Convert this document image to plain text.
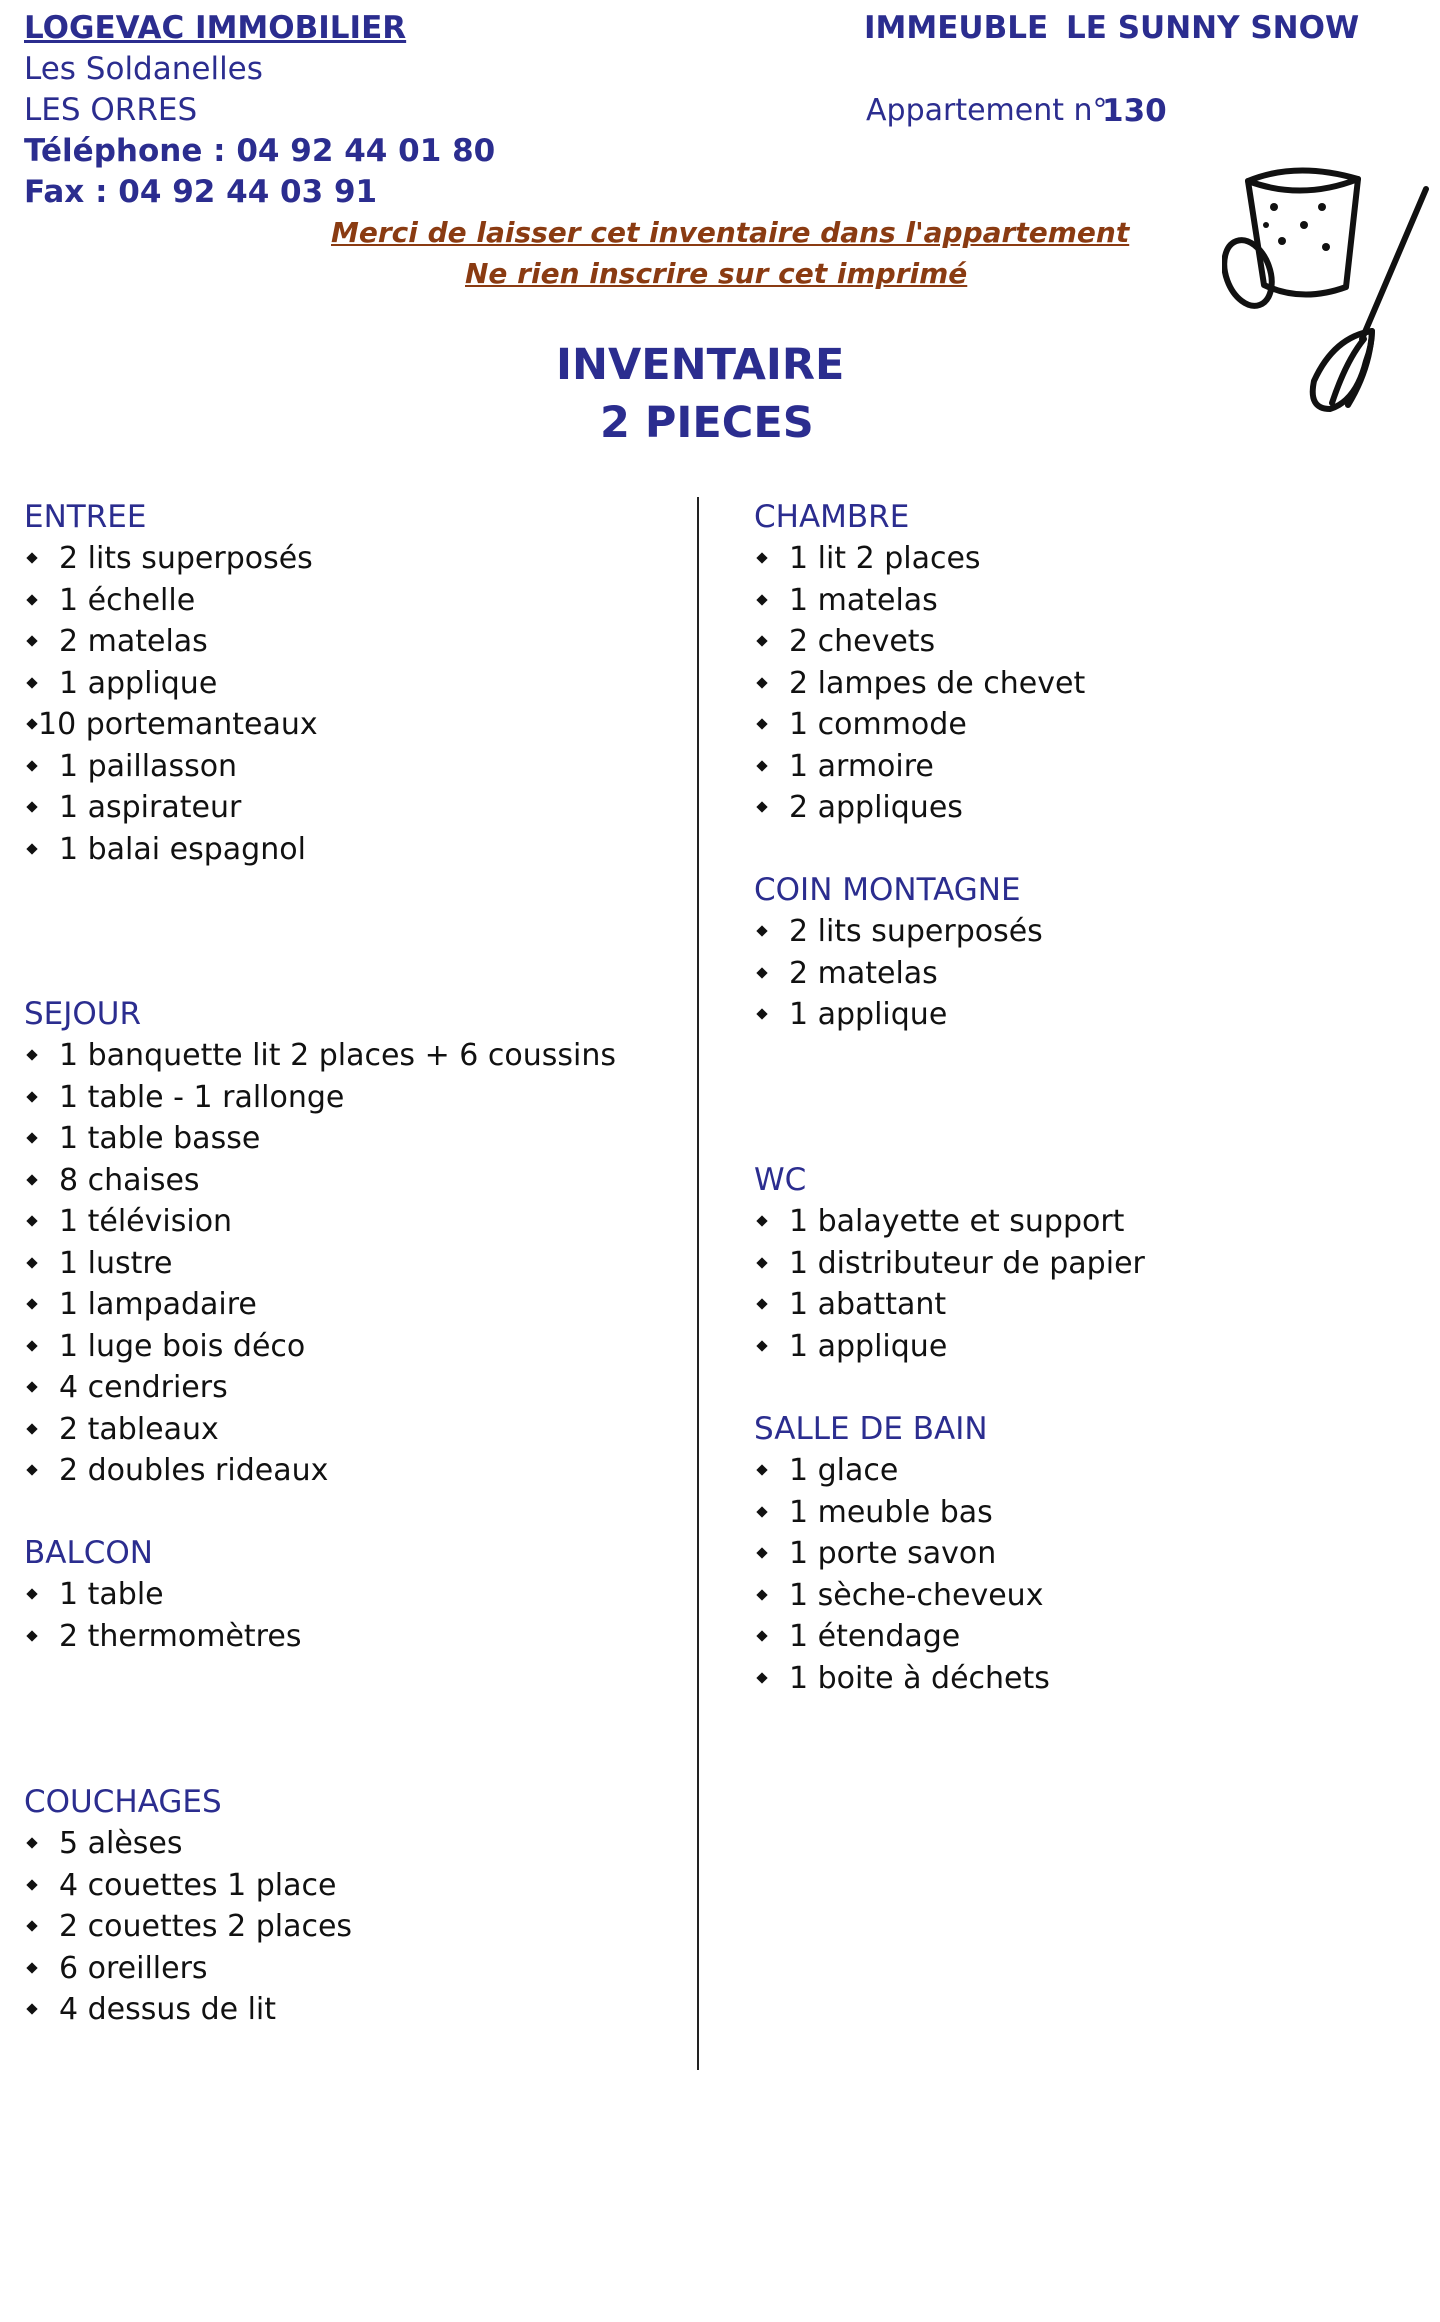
LOGEVAC IMMOBILIER
Les Soldanelles
LES ORRES
Téléphone : 04 92 44 01 80
Fax : 04 92 44 03 91
IMMEUBLE LE SUNNY SNOW
Appartement n°
130
Merci de laisser cet inventaire dans l'appartement
Ne rien inscrire sur cet imprimé
INVENTAIRE
2 PIECES
ENTREE
2 lits superposés
1 échelle
2 matelas
1 applique
10 portemanteaux
1 paillasson
1 aspirateur
1 balai espagnol
SEJOUR
1 banquette lit 2 places + 6 coussins
1 table - 1 rallonge
1 table basse
8 chaises
1 télévision
1 lustre
1 lampadaire
1 luge bois déco
4 cendriers
2 tableaux
2 doubles rideaux
BALCON
1 table
2 thermomètres
COUCHAGES
5 alèses
4 couettes 1 place
2 couettes 2 places
6 oreillers
4 dessus de lit
CHAMBRE
1 lit 2 places
1 matelas
2 chevets
2 lampes de chevet
1 commode
1 armoire
2 appliques
COIN MONTAGNE
2 lits superposés
2 matelas
1 applique
WC
1 balayette et support
1 distributeur de papier
1 abattant
1 applique
SALLE DE BAIN
1 glace
1 meuble bas
1 porte savon
1 sèche-cheveux
1 étendage
1 boite à déchets
